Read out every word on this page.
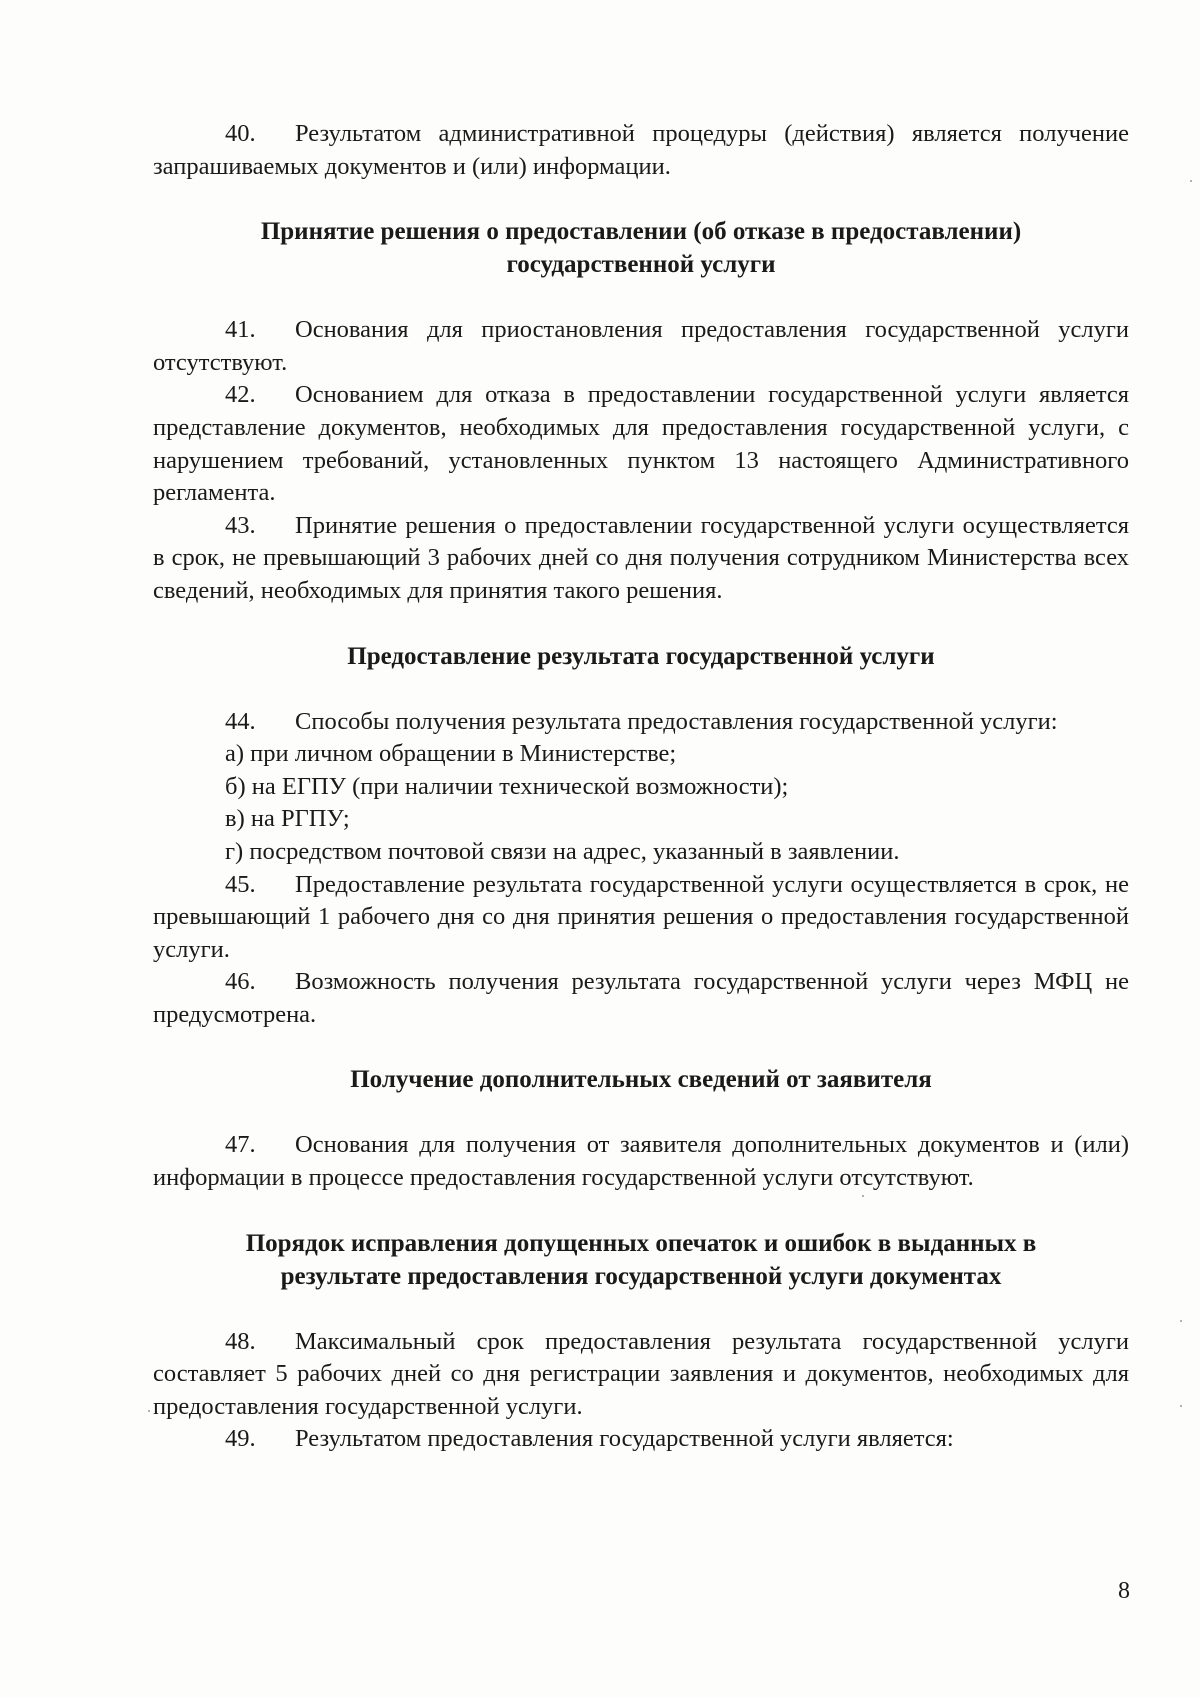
40. Результатом административной процедуры (действия) является получение запрашиваемых документов и (или) информации.

Принятие решения о предоставлении (об отказе в предоставлении)
государственной услуги

41. Основания для приостановления предоставления государственной услуги отсутствуют.

42. Основанием для отказа в предоставлении государственной услуги является представление документов, необходимых для предоставления государственной услуги, с нарушением требований, установленных пунктом 13 настоящего Административного регламента.

43. Принятие решения о предоставлении государственной услуги осуществляется в срок, не превышающий 3 рабочих дней со дня получения сотрудником Министерства всех сведений, необходимых для принятия такого решения.

Предоставление результата государственной услуги

44. Способы получения результата предоставления государственной услуги:

а) при личном обращении в Министерстве;

б) на ЕГПУ (при наличии технической возможности);

в) на РГПУ;

г) посредством почтовой связи на адрес, указанный в заявлении.

45. Предоставление результата государственной услуги осуществляется в срок, не превышающий 1 рабочего дня со дня принятия решения о предоставления государственной услуги.

46. Возможность получения результата государственной услуги через МФЦ не предусмотрена.

Получение дополнительных сведений от заявителя

47. Основания для получения от заявителя дополнительных документов и (или) информации в процессе предоставления государственной услуги отсутствуют.

Порядок исправления допущенных опечаток и ошибок в выданных в
результате предоставления государственной услуги документах

48. Максимальный срок предоставления результата государственной услуги составляет 5 рабочих дней со дня регистрации заявления и документов, необходимых для предоставления государственной услуги.

49. Результатом предоставления государственной услуги является:

8
